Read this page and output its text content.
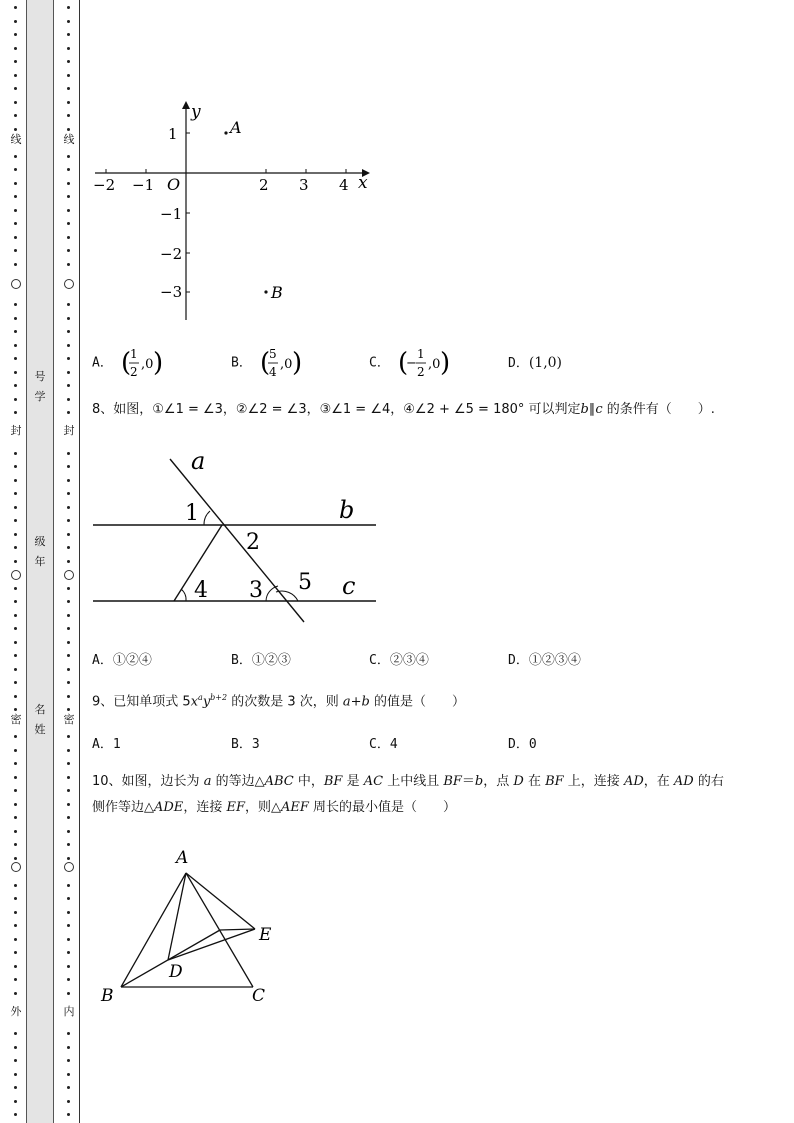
线
封
密
外
号
学
级
年
名
姓
线
封
密
内
x
y
O
−2 −1	2 3 4
1
−1
−2
−3
A
B
A． (
1
2 ,0 )	B． (
5
4 ,0 )	C． (
−
1
2 ,0 )	D．(1,0)
8、如图，①∠1 = ∠3，②∠2 = ∠3，③∠1 = ∠4，④∠2 + ∠5 = 180° 可以判定b∥c 的条件有（　　）.
a
b
c
1
2
4 3 5
A．①②④	B．①②③	C．②③④	D．①②③④
9、已知单项式 $5x^ay^{b+2}$ 的次数是 3 次，则 a+b 的值是（　　）
A．1	B．3	C．4	D．0
10、如图，边长为 a 的等边△ABC 中，BF 是 AC 上中线且 BF＝b，点 D 在 BF 上，连接 AD，在 AD 的右
侧作等边△ADE，连接 EF，则△AEF 周长的最小值是（　　）
A
B	C
D
E
